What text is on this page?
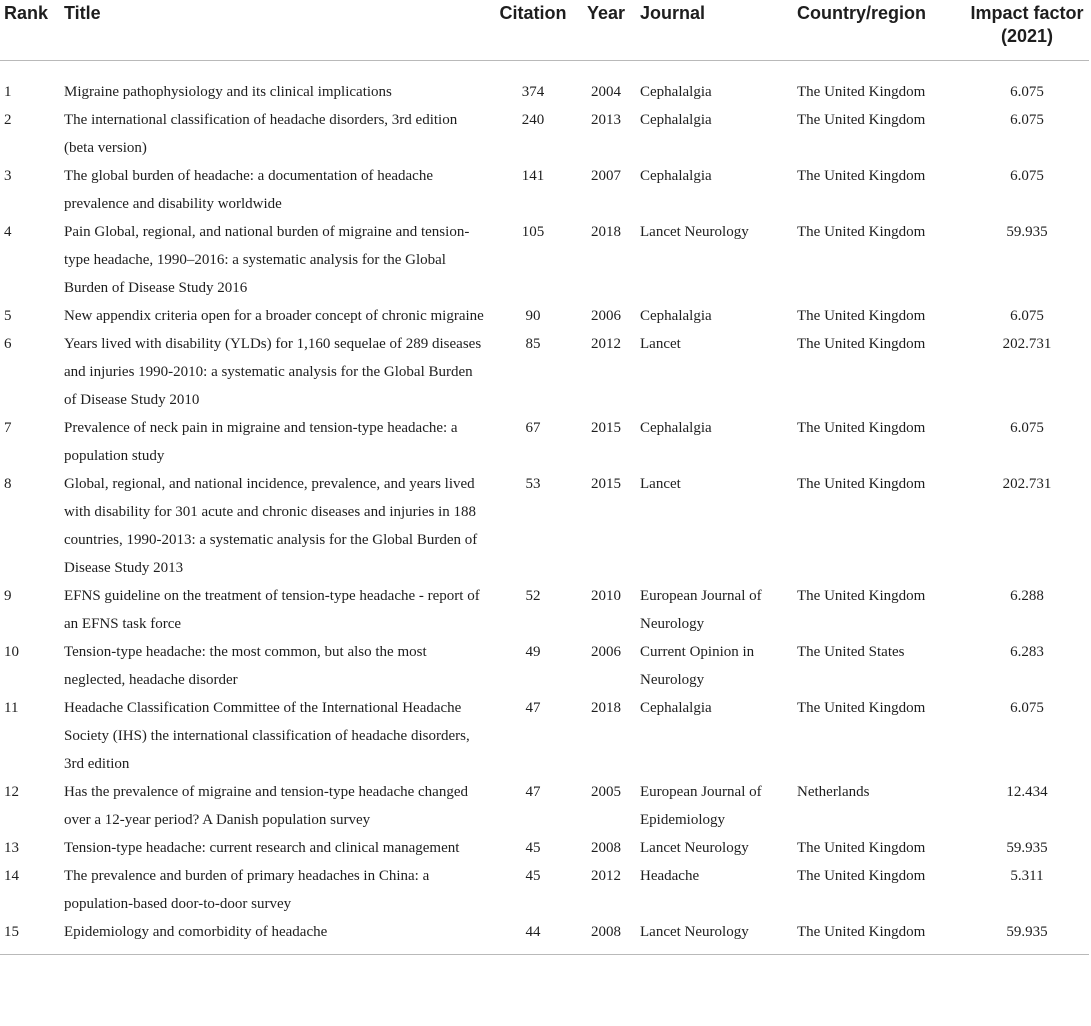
Rank	Title	Citation	Year	Journal	Country/region	Impact factor (2021)
1	Migraine pathophysiology and its clinical implications	374	2004	Cephalalgia	The United Kingdom	6.075
2	The international classification of headache disorders, 3rd edition (beta version)	240	2013	Cephalalgia	The United Kingdom	6.075
3	The global burden of headache: a documentation of headache prevalence and disability worldwide	141	2007	Cephalalgia	The United Kingdom	6.075
4	Pain Global, regional, and national burden of migraine and tension-type headache, 1990–2016: a systematic analysis for the Global Burden of Disease Study 2016	105	2018	Lancet Neurology	The United Kingdom	59.935
5	New appendix criteria open for a broader concept of chronic migraine	90	2006	Cephalalgia	The United Kingdom	6.075
6	Years lived with disability (YLDs) for 1,160 sequelae of 289 diseases and injuries 1990-2010: a systematic analysis for the Global Burden of Disease Study 2010	85	2012	Lancet	The United Kingdom	202.731
7	Prevalence of neck pain in migraine and tension-type headache: a population study	67	2015	Cephalalgia	The United Kingdom	6.075
8	Global, regional, and national incidence, prevalence, and years lived with disability for 301 acute and chronic diseases and injuries in 188 countries, 1990-2013: a systematic analysis for the Global Burden of Disease Study 2013	53	2015	Lancet	The United Kingdom	202.731
9	EFNS guideline on the treatment of tension-type headache - report of an EFNS task force	52	2010	European Journal of Neurology	The United Kingdom	6.288
10	Tension-type headache: the most common, but also the most neglected, headache disorder	49	2006	Current Opinion in Neurology	The United States	6.283
11	Headache Classification Committee of the International Headache Society (IHS) the international classification of headache disorders, 3rd edition	47	2018	Cephalalgia	The United Kingdom	6.075
12	Has the prevalence of migraine and tension-type headache changed over a 12-year period? A Danish population survey	47	2005	European Journal of Epidemiology	Netherlands	12.434
13	Tension-type headache: current research and clinical management	45	2008	Lancet Neurology	The United Kingdom	59.935
14	The prevalence and burden of primary headaches in China: a population-based door-to-door survey	45	2012	Headache	The United Kingdom	5.311
15	Epidemiology and comorbidity of headache	44	2008	Lancet Neurology	The United Kingdom	59.935
